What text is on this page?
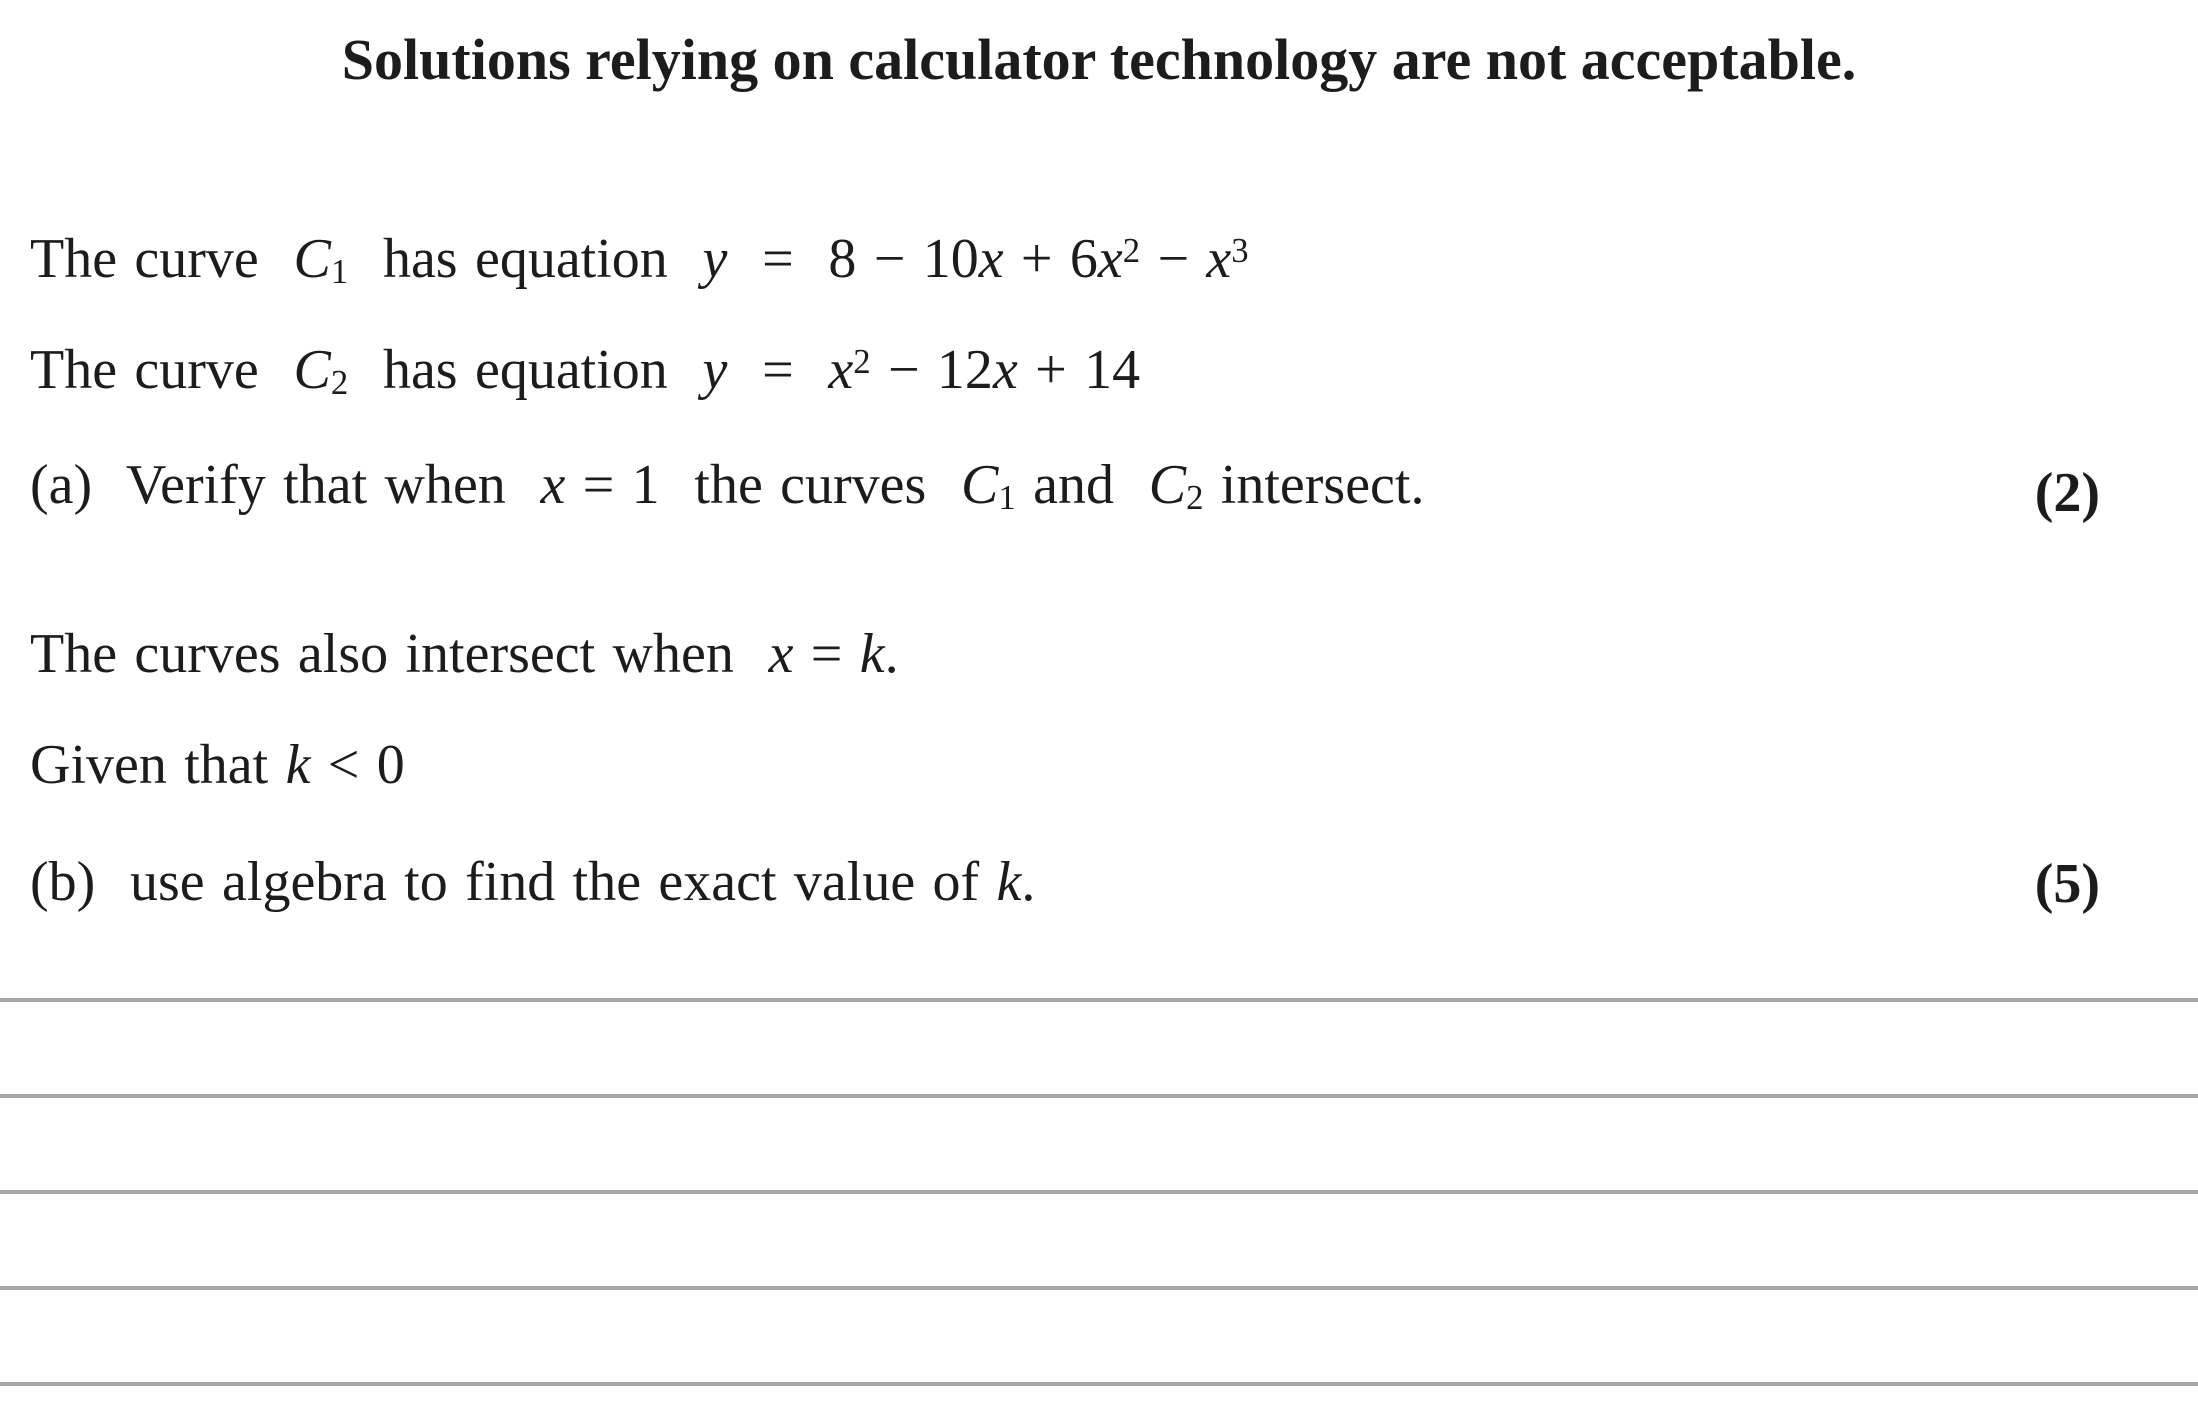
Solutions relying on calculator technology are not acceptable.

The curve  C1  has equation  $y = 8 - 10x + 6x^2 - x^3$

The curve  C2  has equation  $y = x^2 - 12x + 14$

(a)  Verify that when  x = 1  the curves  C1 and  C2 intersect.	(2)

The curves also intersect when  x = k.

Given that k < 0

(b)  use algebra to find the exact value of k.	(5)
